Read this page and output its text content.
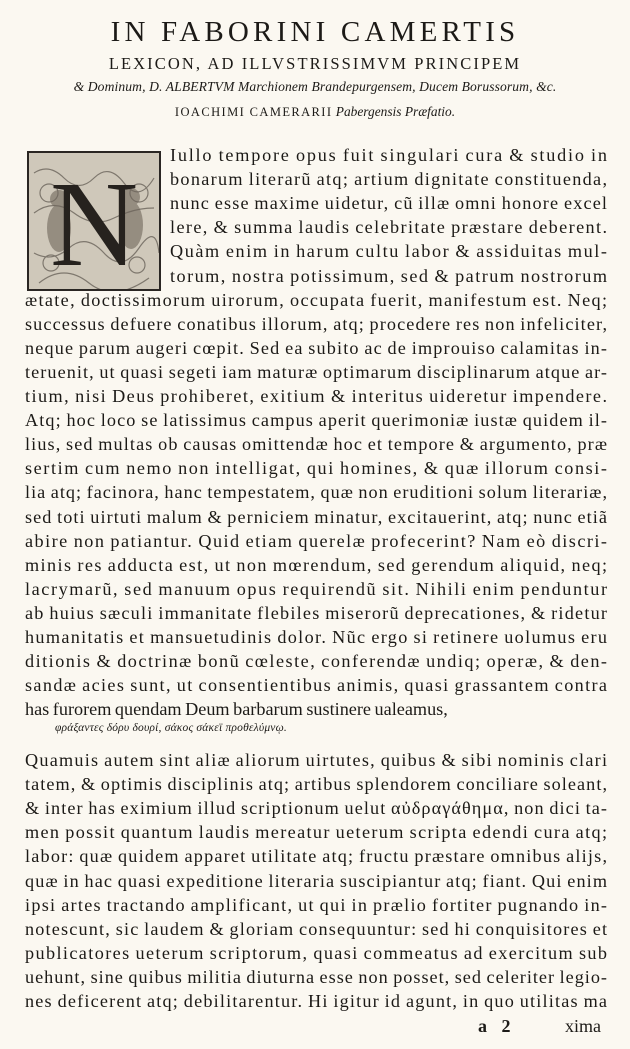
IN FABORINI CAMERTIS
LEXICON, AD ILLVSTRISSIMVM PRINCIPEM
& Dominum, D. ALBERTVM Marchionem Brandepurgensem, Ducem Borussorum, &c.
IOACHIMI CAMERARII Pabergensis Præfatio.
N
Iullo tempore opus fuit singulari cura & studio in
bonarum literarũ atq; artium dignitate constituenda,
nunc esse maxime uidetur, cũ illæ omni honore excel
lere, & summa laudis celebritate præstare deberent.
Quàm enim in harum cultu labor & assiduitas mul-
torum, nostra potissimum, sed & patrum nostrorum
ætate, doctissimorum uirorum, occupata fuerit, manifestum est. Neq;
successus defuere conatibus illorum, atq; procedere res non infeliciter,
neque parum augeri cœpit. Sed ea subito ac de improuiso calamitas in-
teruenit, ut quasi segeti iam maturæ optimarum disciplinarum atque ar-
tium, nisi Deus prohiberet, exitium & interitus uideretur impendere.
Atq; hoc loco se latissimus campus aperit querimoniæ iustæ quidem il-
lius, sed multas ob causas omittendæ hoc et tempore & argumento, præ
sertim cum nemo non intelligat, qui homines, & quæ illorum consi-
lia atq; facinora, hanc tempestatem, quæ non eruditioni solum literariæ,
sed toti uirtuti malum & perniciem minatur, excitauerint, atq; nunc etiã
abire non patiantur. Quid etiam querelæ profecerint? Nam eò discri-
minis res adducta est, ut non mœrendum, sed gerendum aliquid, neq;
lacrymarũ, sed manuum opus requirendũ sit. Nihili enim penduntur
ab huius sæculi immanitate flebiles miserorũ deprecationes, & ridetur
humanitatis et mansuetudinis dolor. Nũc ergo si retinere uolumus eru
ditionis & doctrinæ bonũ cœleste, conferendæ undiq; operæ, & den-
sandæ acies sunt, ut consentientibus animis, quasi grassantem contra
has furorem quendam Deum barbarum sustinere ualeamus,
φράξαντες δόρυ δουρί, σάκος σάκεϊ προθελύμνῳ.
Quamuis autem sint aliæ aliorum uirtutes, quibus & sibi nominis clari
tatem, & optimis disciplinis atq; artibus splendorem conciliare soleant,
& inter has eximium illud scriptionum uelut αὐδραγάθημα, non dici ta-
men possit quantum laudis mereatur ueterum scripta edendi cura atq;
labor: quæ quidem apparet utilitate atq; fructu præstare omnibus alijs,
quæ in hac quasi expeditione literaria suscipiantur atq; fiant. Qui enim
ipsi artes tractando amplificant, ut qui in prælio fortiter pugnando in-
notescunt, sic laudem & gloriam consequuntur: sed hi conquisitores et
publicatores ueterum scriptorum, quasi commeatus ad exercitum sub
uehunt, sine quibus militia diuturna esse non posset, sed celeriter legio-
nes deficerent atq; debilitarentur. Hi igitur id agunt, in quo utilitas ma
a 2	xima
